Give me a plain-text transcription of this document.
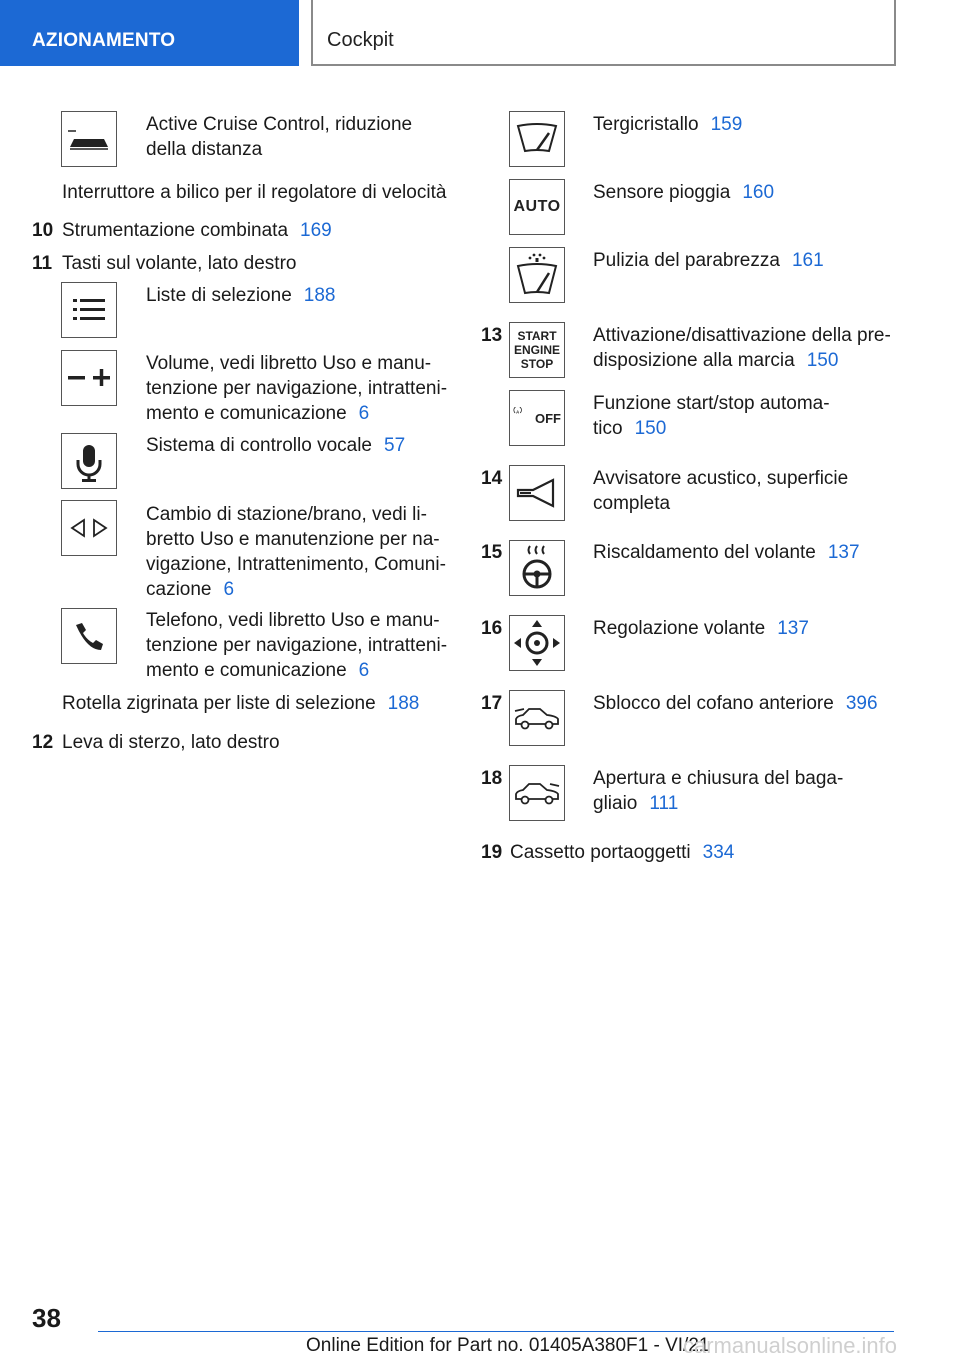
AZIONAMENTO	Cockpit
Active Cruise Control, riduzione
della distanza
Interruttore a bilico per il regolatore di velocità
10 Strumentazione combinata 169
11 Tasti sul volante, lato destro
Liste di selezione 188
Volume, vedi libretto Uso e manu-
tenzione per navigazione, intratteni-
mento e comunicazione 6
Sistema di controllo vocale 57
Cambio di stazione/brano, vedi li-
bretto Uso e manutenzione per na-
vigazione, Intrattenimento, Comuni-
cazione 6
Telefono, vedi libretto Uso e manu-
tenzione per navigazione, intratteni-
mento e comunicazione 6
Rotella zigrinata per liste di selezione 188
12 Leva di sterzo, lato destro
Tergicristallo 159
AUTO
Sensore pioggia 160
Pulizia del parabrezza 161
13 START
ENGINE
STOP
Attivazione/disattivazione della pre-
disposizione alla marcia 150
A OFF
Funzione start/stop automa-
tico 150
14	Avvisatore acustico, superficie
completa
15	Riscaldamento del volante 137
16	Regolazione volante 137
17	Sblocco del cofano anteriore 396
18	Apertura e chiusura del baga-
gliaio 111
19 Cassetto portaoggetti 334
38
Online Edition for Part no. 01405A380F1 - VI/21
carmanualsonline.info
